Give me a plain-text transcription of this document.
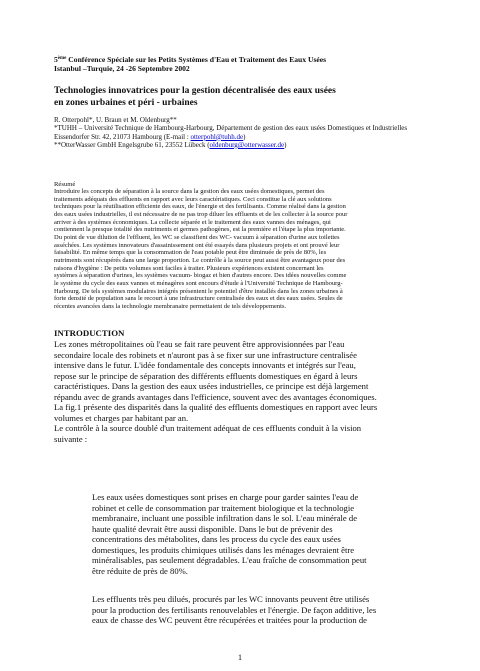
5ème Conférence Spéciale sur les Petits Systèmes d'Eau et Traitement des Eaux Usées
Istanbul –Turquie, 24 -26 Septembre 2002
Technologies innovatrices pour la gestion décentralisée des eaux usées
en zones urbaines et péri - urbaines
R. Otterpohl*, U. Braun et M. Oldenburg**
*TUHH – Université Technique de Hambourg-Harbourg, Département de gestion des eaux usées Domestiques et Industrielles
Eissendorfer Str. 42, 21073 Hambourg (E-mail : otterpohl@tuhh.de)
**OtterWasser GmbH Engelsgrube 61, 23552 Lübeck (oldenburg@otterwasser.de)
Résumé
Introduire les concepts de séparation à la source dans la gestion des eaux usées domestiques, permet des
traitements adéquats des effluents en rapport avec leurs caractéristiques. Ceci constitue la clé aux solutions
techniques pour la réutilisation efficiente des eaux, de l'énergie et des fertilisants. Comme réalisé dans la gestion
des eaux usées industrielles, il est nécessaire de ne pas trop diluer les effluents et de les collecter à la source pour
arriver à des systèmes économiques. La collecte séparée et le traitement des eaux vannes des ménages, qui
contiennent la presque totalité des nutriments et germes pathogènes, est la première et l'étape la plus importante.
Du point de vue dilution de l'effluent, les WC se classifient des WC- vacuum à séparation d'urine aux toilettes
asséchées. Les systèmes innovateurs d'assainissement ont été essayés dans plusieurs projets et ont prouvé leur
faisabilité. En même temps que la consommation de l'eau potable peut être diminuée de près de 80%, les
nutriments sont récupérés dans une large proportion. Le contrôle à la source peut aussi être avantageux pour des
raisons d'hygiène : De petits volumes sont faciles à traiter. Plusieurs expériences existent concernant les
systèmes à séparation d'urines, les systèmes vacuum- biogaz et bien d'autres encore. Des idées nouvelles comme
le système du cycle des eaux vannes et ménagères sont encours d'étude à l'Université Technique de Hambourg-
Harbourg. De tels systèmes modulaires intégrés présentent le potentiel d'être installés dans les zones urbaines à
forte densité de population sans le recourt à une infrastructure centralisée des eaux et des eaux usées. Seules de
récentes avancées dans la technologie membranaire permettaient de tels développements.
INTRODUCTION
Les zones métropolitaines où l'eau se fait rare peuvent être approvisionnées par l'eau
secondaire locale des robinets et n'auront pas à se fixer sur une infrastructure centralisée
intensive dans le futur. L'idée fondamentale des concepts innovants et intégrés sur l'eau,
repose sur le principe de séparation des différents effluents domestiques en égard à leurs
caractéristiques. Dans la gestion des eaux usées industrielles, ce principe est déjà largement
répandu avec de grands avantages dans l'efficience, souvent avec des avantages économiques.
La fig.1 présente des disparités dans la qualité des effluents domestiques en rapport avec leurs
volumes et charges par habitant par an.
Le contrôle à la source doublé d'un traitement adéquat de ces effluents conduit à la vision
suivante :
Les eaux usées domestiques sont prises en charge pour garder saintes l'eau de
robinet et celle de consommation par traitement biologique et la technologie
membranaire, incluant une possible infiltration dans le sol. L'eau minérale de
haute qualité devrait être aussi disponible. Dans le but de prévenir des
concentrations des métabolites, dans les process du cycle des eaux usées
domestiques, les produits chimiques utilisés dans les ménages devraient être
minéralisables, pas seulement dégradables. L'eau fraîche de consommation peut
être réduite de près de 80%.
Les effluents très peu dilués, procurés par les WC innovants peuvent être utilisés
pour la production des fertilisants renouvelables et l'énergie. De façon additive, les
eaux de chasse des WC peuvent être récupérées et traitées pour la production de
1
